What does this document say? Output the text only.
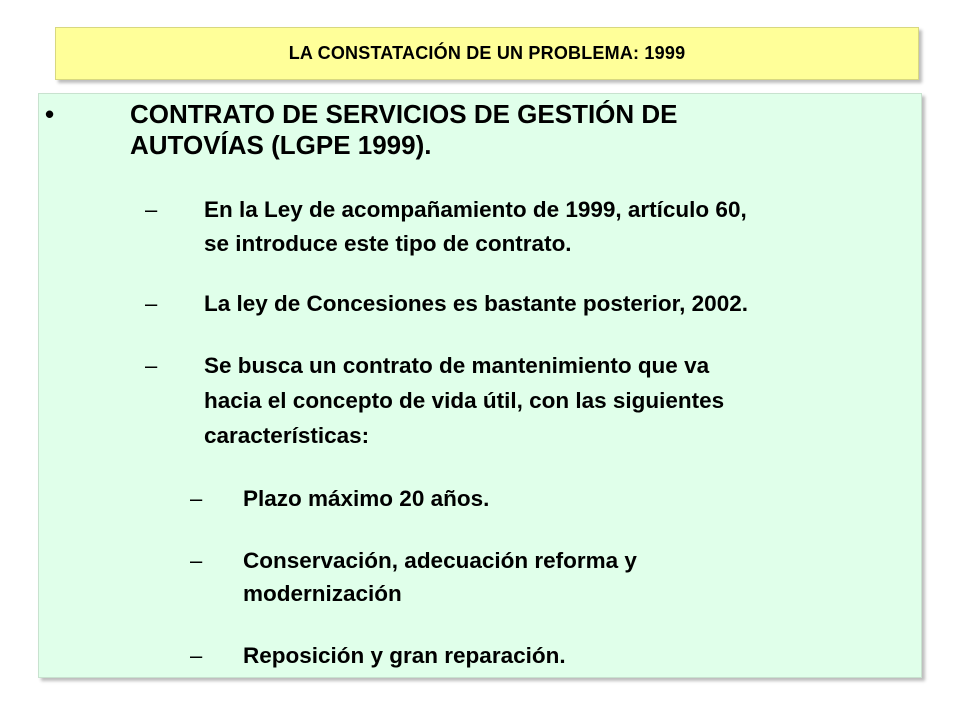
LA CONSTATACIÓN DE UN PROBLEMA: 1999
•	CONTRATO DE SERVICIOS DE GESTIÓN DE
AUTOVÍAS (LGPE 1999).
– En la Ley de acompañamiento de 1999, artículo 60,
se introduce este tipo de contrato.
– La ley de Concesiones es bastante posterior, 2002.
– Se busca un contrato de mantenimiento que va
hacia el concepto de vida útil, con las siguientes
características:
– Plazo máximo 20 años.
– Conservación, adecuación reforma y
modernización
– Reposición y gran reparación.
